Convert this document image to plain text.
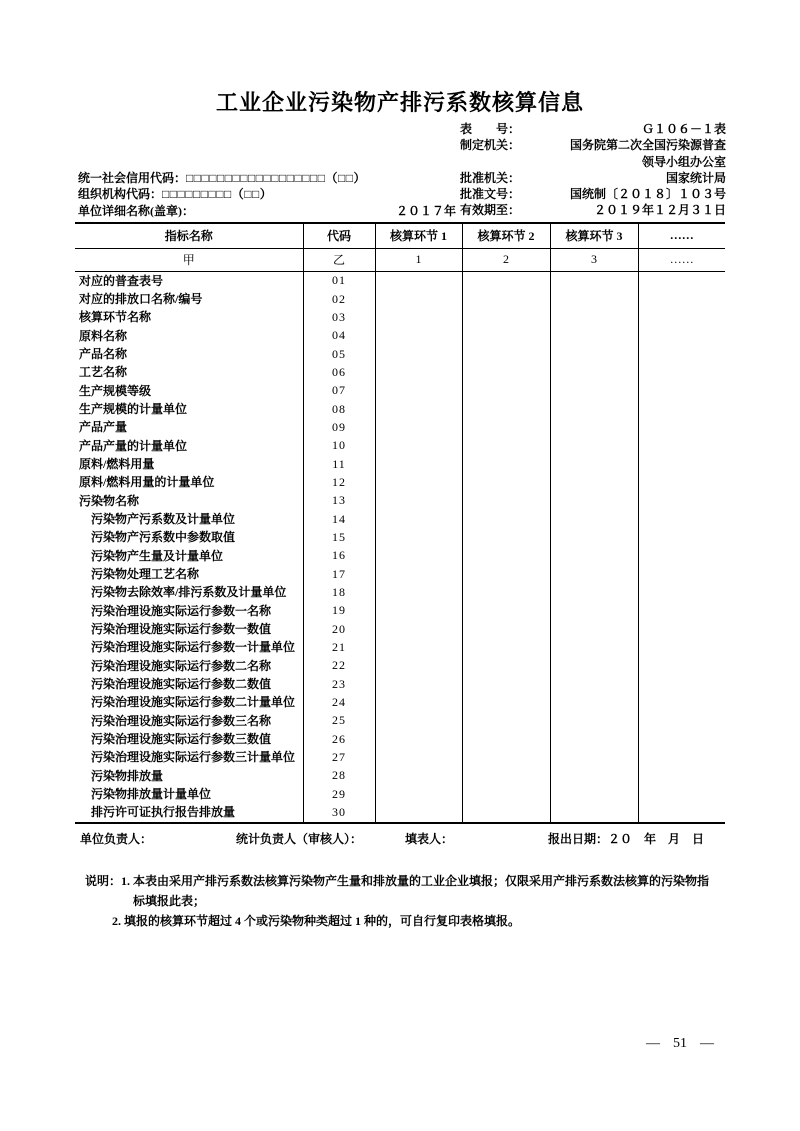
工业企业污染物产排污系数核算信息
表　　号：	Ｇ１０６－１表
制定机关：	国务院第二次全国污染源普查
领导小组办公室
批准机关：	国家统计局
批准文号：	国统制〔２０１８〕１０３号
有效期至：	２０１９年１２月３１日
统一社会信用代码： □□□□□□□□□□□□□□□□□□（□□）
组织机构代码： □□□□□□□□□（□□）
单位详细名称(盖章)：	２０１７年
指标名称	代码	核算环节 1	核算环节 2	核算环节 3	……
甲	乙	1	2	3	……
对应的普查表号	01				
对应的排放口名称/编号	02				
核算环节名称	03				
原料名称	04				
产品名称	05				
工艺名称	06				
生产规模等级	07				
生产规模的计量单位	08				
产品产量	09				
产品产量的计量单位	10				
原料/燃料用量	11				
原料/燃料用量的计量单位	12				
污染物名称	13				
污染物产污系数及计量单位	14				
污染物产污系数中参数取值	15				
污染物产生量及计量单位	16				
污染物处理工艺名称	17				
污染物去除效率/排污系数及计量单位	18				
污染治理设施实际运行参数一名称	19				
污染治理设施实际运行参数一数值	20				
污染治理设施实际运行参数一计量单位	21				
污染治理设施实际运行参数二名称	22				
污染治理设施实际运行参数二数值	23				
污染治理设施实际运行参数二计量单位	24				
污染治理设施实际运行参数三名称	25				
污染治理设施实际运行参数三数值	26				
污染治理设施实际运行参数三计量单位	27				
污染物排放量	28				
污染物排放量计量单位	29				
排污许可证执行报告排放量	30				
单位负责人：	统计负责人（审核人）：	填表人：	报出日期：２０　年　月　日
说明：1. 本表由采用产排污系数法核算污染物产生量和排放量的工业企业填报；仅限采用产排污系数法核算的污染物指
标填报此表；
2. 填报的核算环节超过 4 个或污染物种类超过 1 种的，可自行复印表格填报。
— 51 —
